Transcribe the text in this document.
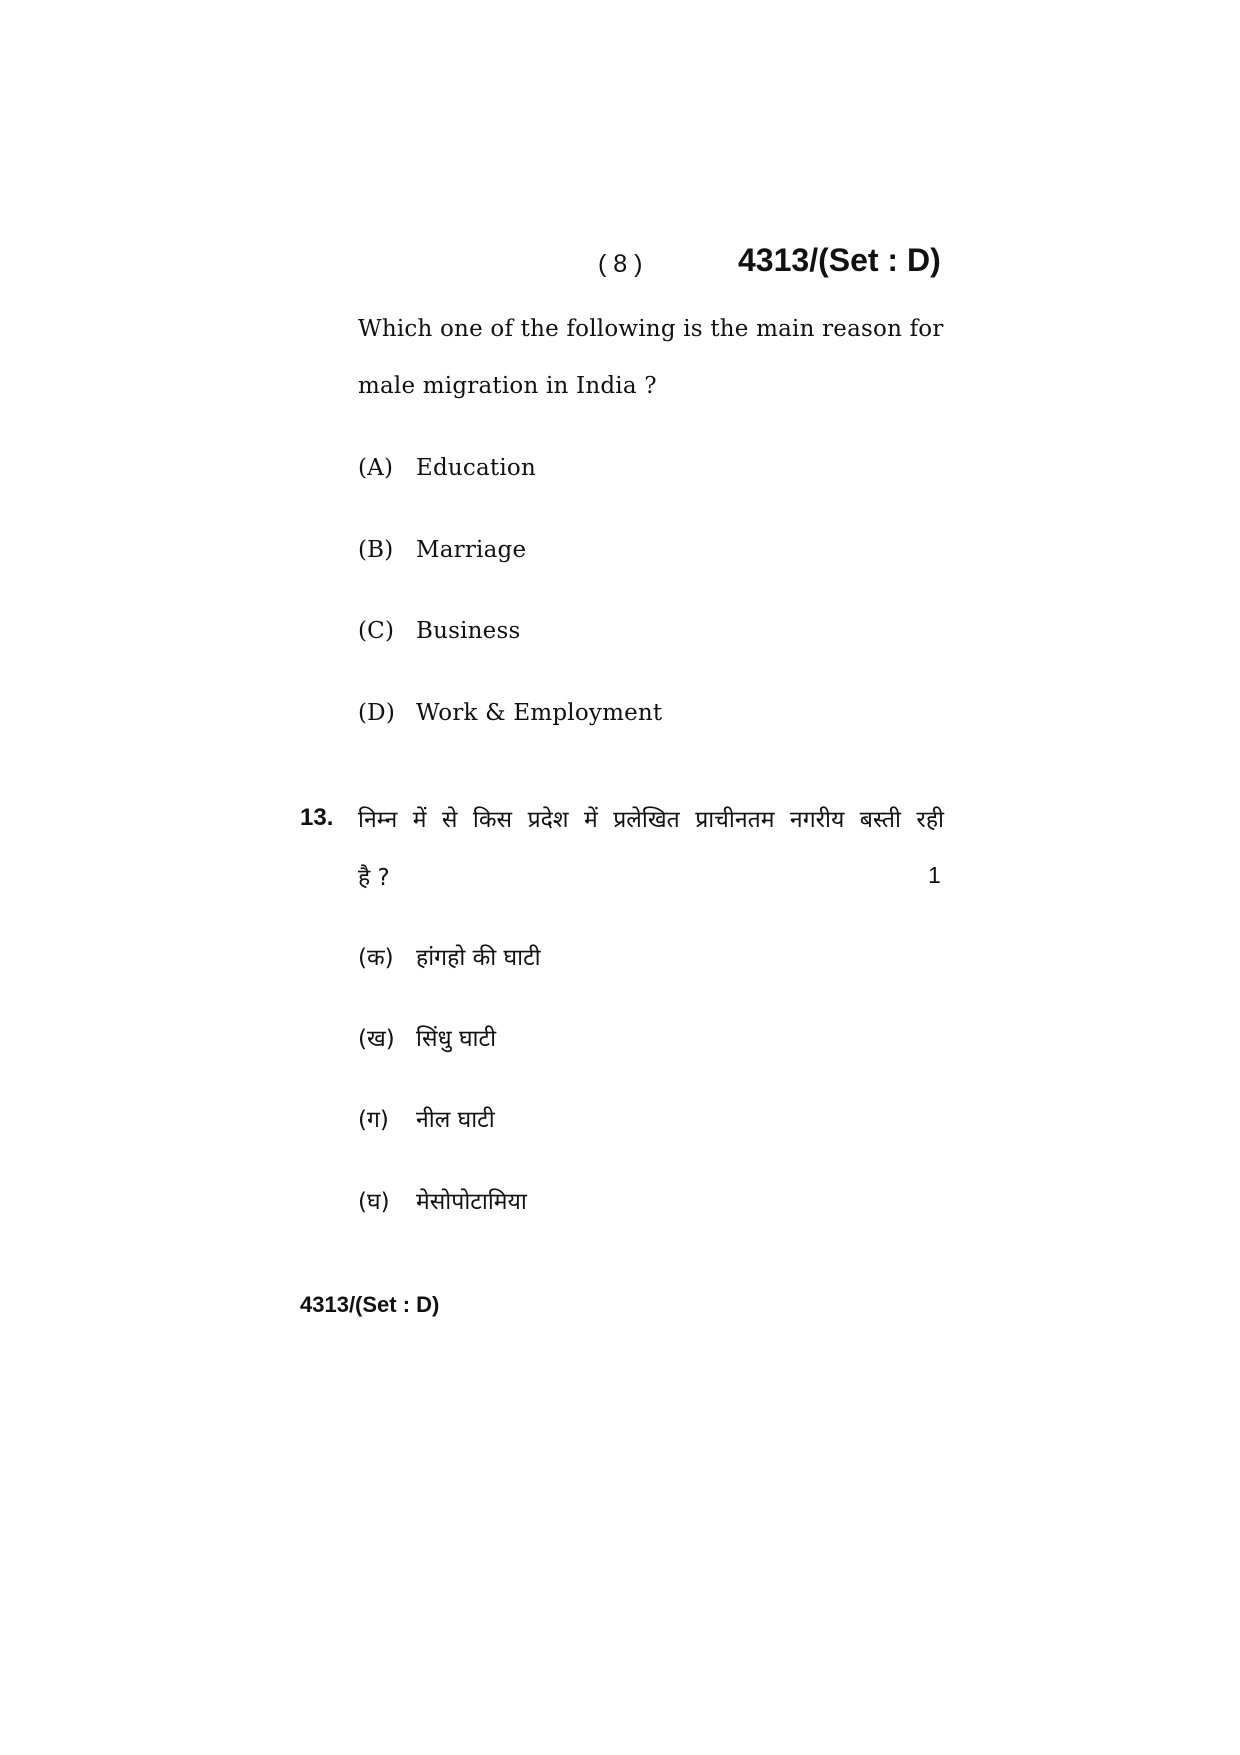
( 8 )	4313/(Set : D)
Which one of the following is the main reason for
male migration in India ?
(A) Education
(B) Marriage
(C) Business
(D) Work & Employment
13. निम्न में से किस प्रदेश में प्रलेखित प्राचीनतम नगरीय बस्ती रही
है ?	1
(क) हांगहो की घाटी
(ख) सिंधु घाटी
(ग) नील घाटी
(घ) मेसोपोटामिया
4313/(Set : D)
